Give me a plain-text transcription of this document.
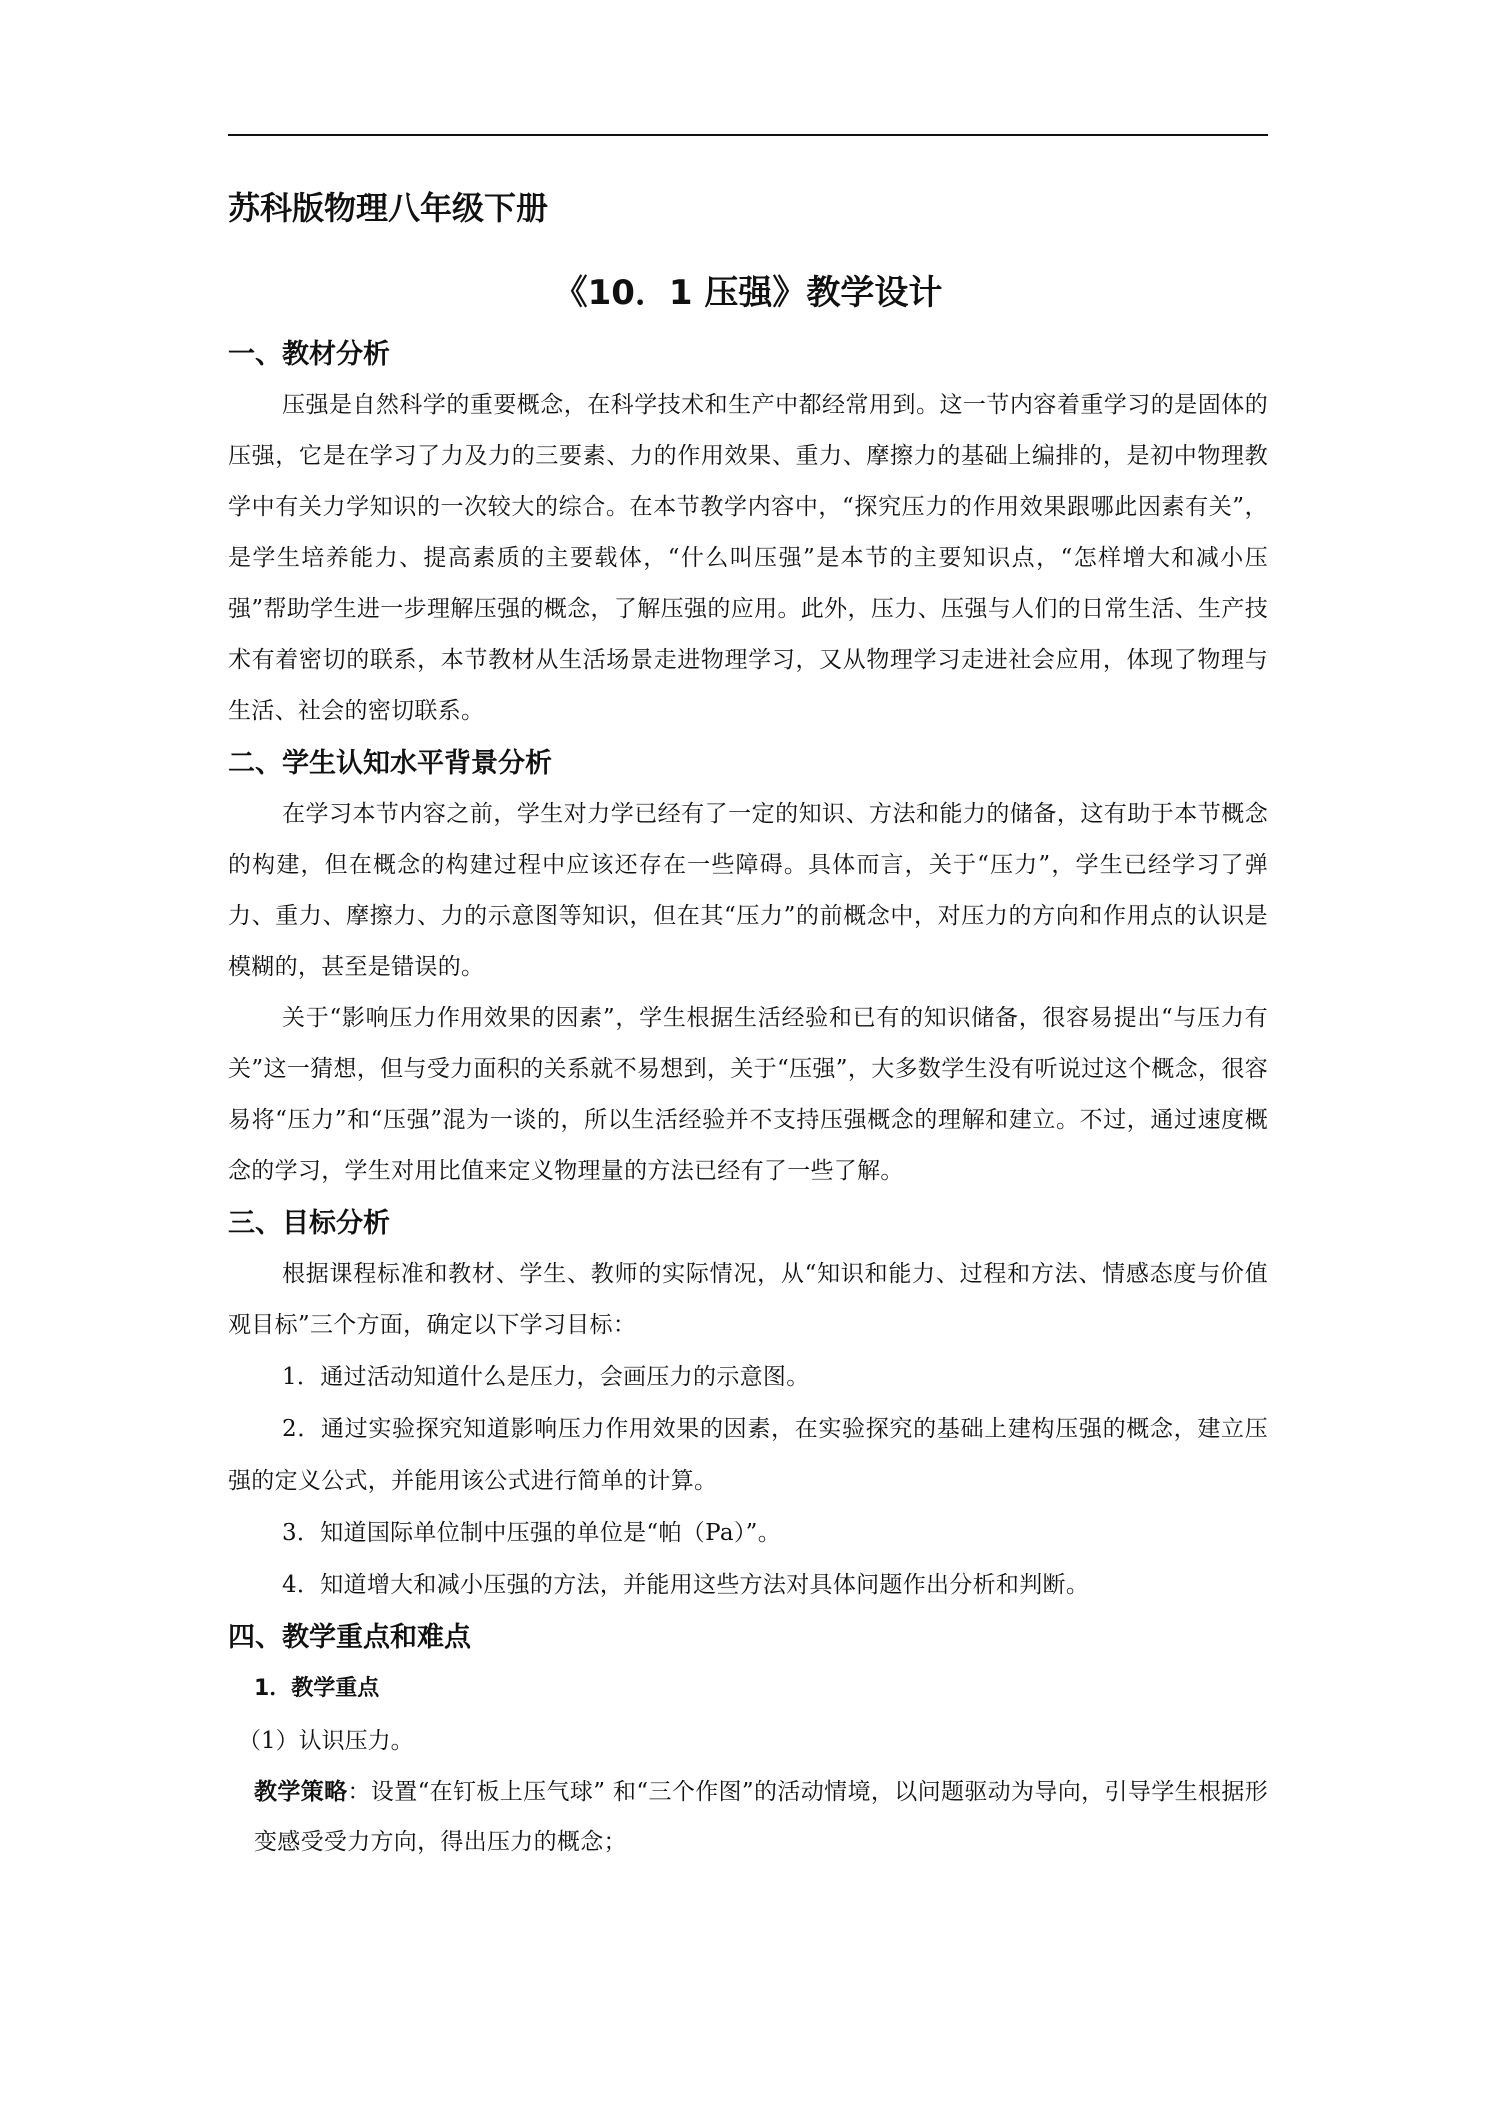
苏科版物理八年级下册
《10．1 压强》教学设计
一、教材分析

压强是自然科学的重要概念，在科学技术和生产中都经常用到。这一节内容着重学习的是固体的压强，它是在学习了力及力的三要素、力的作用效果、重力、摩擦力的基础上编排的，是初中物理教学中有关力学知识的一次较大的综合。在本节教学内容中，“探究压力的作用效果跟哪此因素有关”，是学生培养能力、提高素质的主要载体，“什么叫压强”是本节的主要知识点，“怎样增大和减小压强”帮助学生进一步理解压强的概念，了解压强的应用。此外，压力、压强与人们的日常生活、生产技术有着密切的联系，本节教材从生活场景走进物理学习，又从物理学习走进社会应用，体现了物理与生活、社会的密切联系。

二、学生认知水平背景分析

在学习本节内容之前，学生对力学已经有了一定的知识、方法和能力的储备，这有助于本节概念的构建，但在概念的构建过程中应该还存在一些障碍。具体而言，关于“压力”，学生已经学习了弹力、重力、摩擦力、力的示意图等知识，但在其“压力”的前概念中，对压力的方向和作用点的认识是模糊的，甚至是错误的。

关于“影响压力作用效果的因素”，学生根据生活经验和已有的知识储备，很容易提出“与压力有关”这一猜想，但与受力面积的关系就不易想到，关于“压强”，大多数学生没有听说过这个概念，很容易将“压力”和“压强”混为一谈的，所以生活经验并不支持压强概念的理解和建立。不过，通过速度概念的学习，学生对用比值来定义物理量的方法已经有了一些了解。

三、目标分析

根据课程标准和教材、学生、教师的实际情况，从“知识和能力、过程和方法、情感态度与价值观目标”三个方面，确定以下学习目标：

1．通过活动知道什么是压力，会画压力的示意图。

2．通过实验探究知道影响压力作用效果的因素，在实验探究的基础上建构压强的概念，建立压强的定义公式，并能用该公式进行简单的计算。

3．知道国际单位制中压强的单位是“帕（Pa）”。

4．知道增大和减小压强的方法，并能用这些方法对具体问题作出分析和判断。

四、教学重点和难点
1．教学重点

（1）认识压力。

教学策略：设置“在钉板上压气球” 和“三个作图”的活动情境，以问题驱动为导向，引导学生根据形变感受受力方向，得出压力的概念；
